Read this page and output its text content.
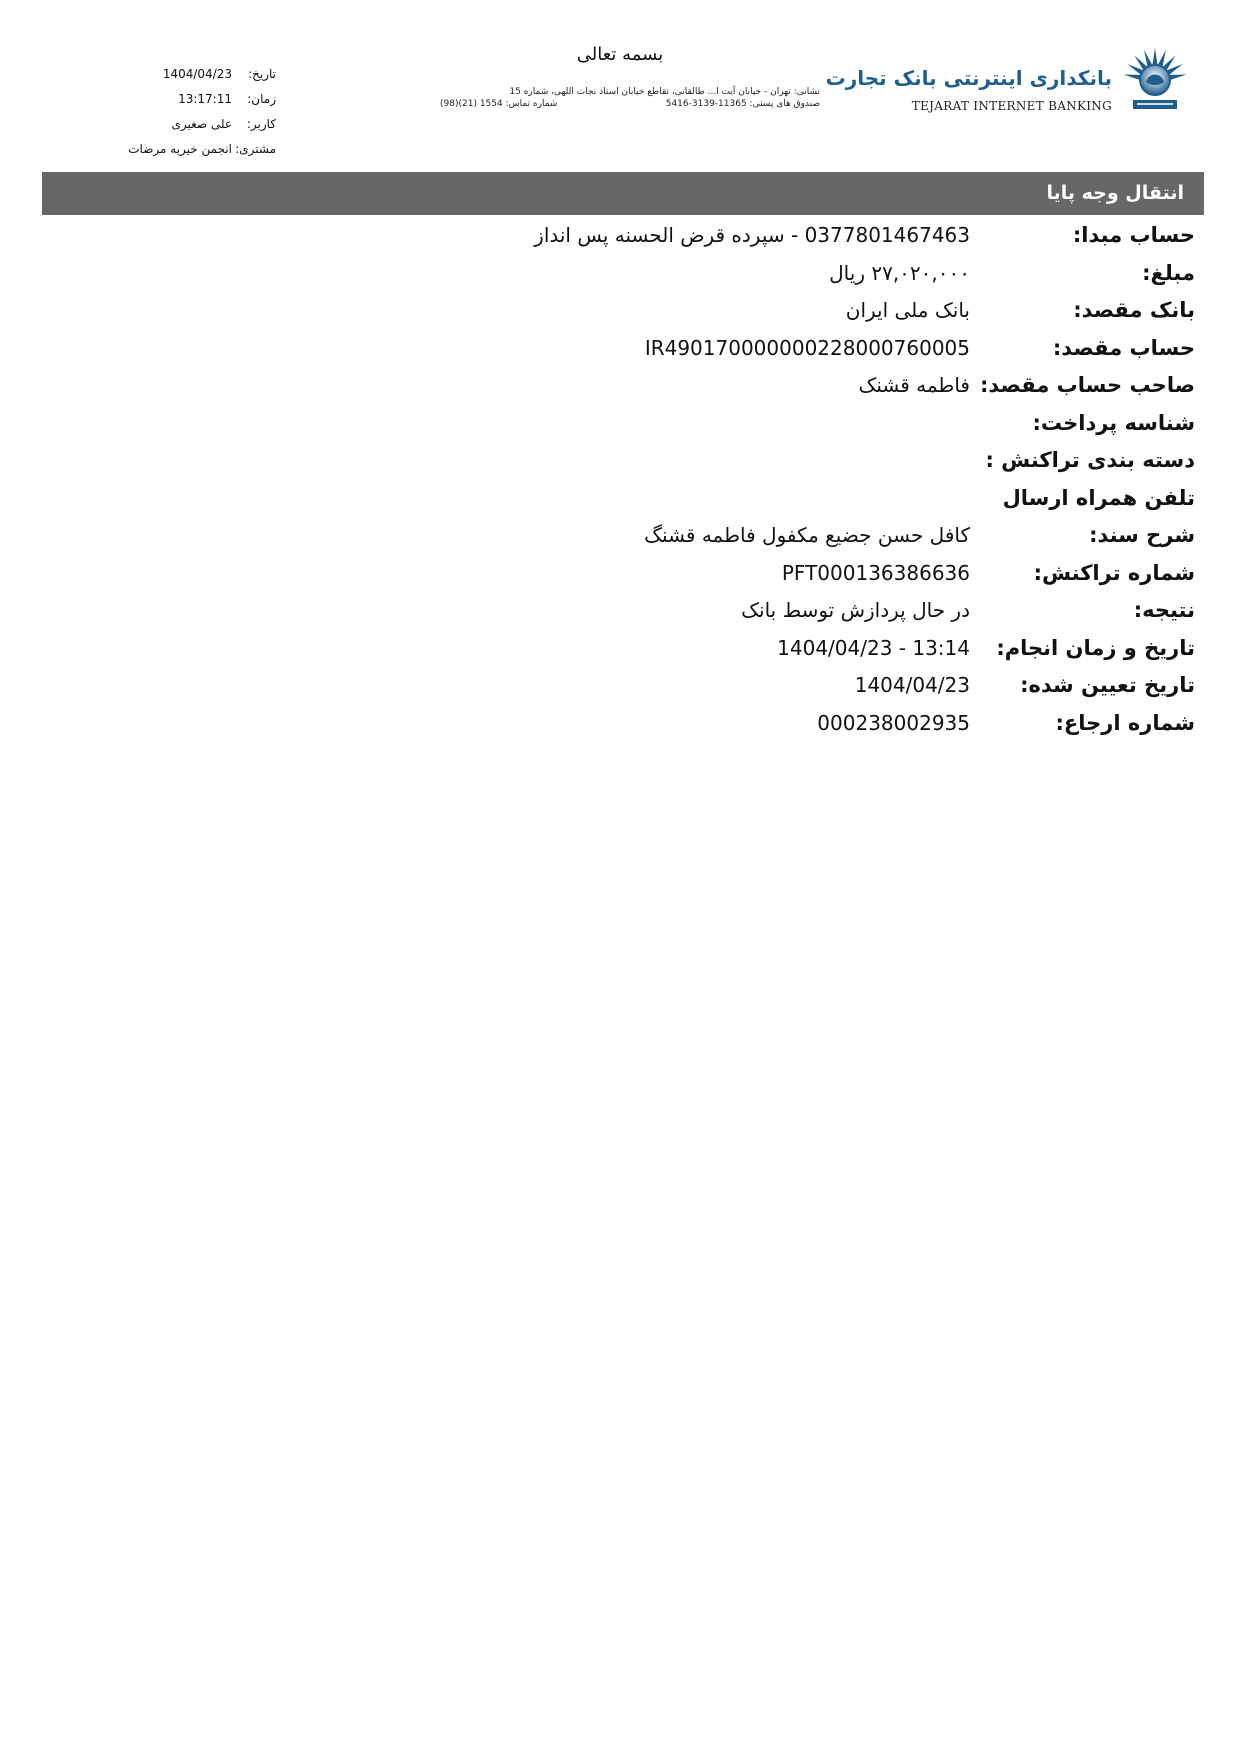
بانکداری اینترنتی بانک تجارت
TEJARAT INTERNET BANKING
بسمه تعالی
نشانی: تهران - خیابان آیت ا... طالقانی، تقاطع خیابان استاد نجات اللهی، شماره 15
صندوق های پستی: 11365-3139-5416
شماره تماس: 1554 (21)(98)
تاریخ:
1404/04/23
زمان:
13:17:11
کاربر:
علی صغیری
مشتری:
انجمن خیریه مرضات
انتقال وجه پایا
حساب مبدا:
0377801467463 - سپرده قرض الحسنه پس انداز
مبلغ:
۲۷,۰۲۰,۰۰۰ ریال
بانک مقصد:
بانک ملی ایران
حساب مقصد:
IR490170000000228000760005
صاحب حساب مقصد:
فاطمه قشنک
شناسه پرداخت:
دسته بندی تراکنش :
تلفن همراه ارسال
شرح سند:
کافل حسن جضیع مکفول فاطمه قشنگ
شماره تراکنش:
PFT000136386636
نتیجه:
در حال پردازش توسط بانک
تاریخ و زمان انجام:
1404/04/23 - 13:14
تاریخ تعیین شده:
1404/04/23
شماره ارجاع:
000238002935
